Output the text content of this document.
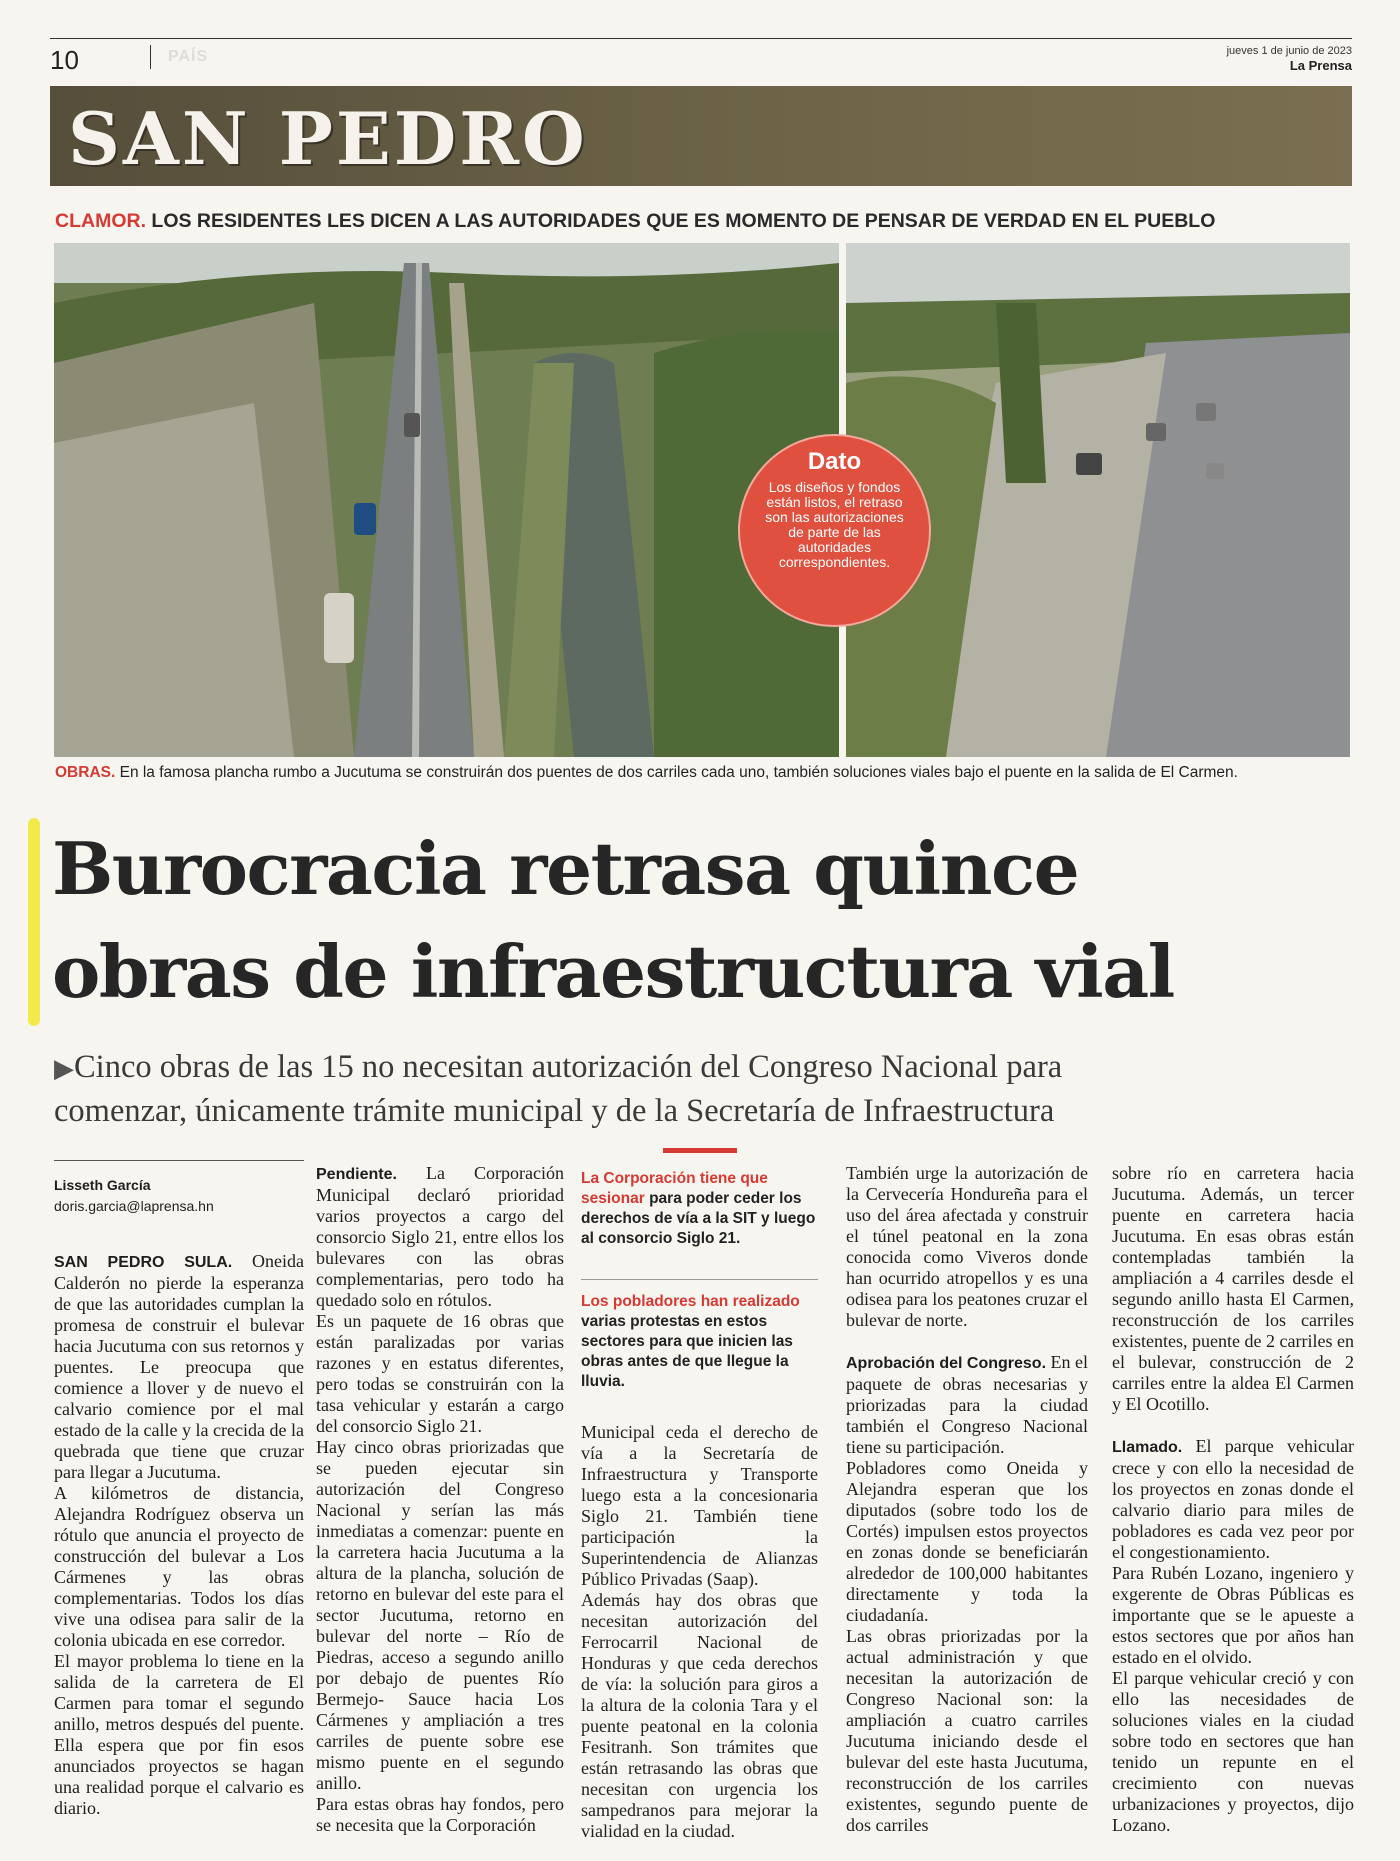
10	PAÍS	jueves 1 de junio de 2023
La Prensa
SAN PEDRO
CLAMOR. LOS RESIDENTES LES DICEN A LAS AUTORIDADES QUE ES MOMENTO DE PENSAR DE VERDAD EN EL PUEBLO
Dato
Los diseños y fondos están listos, el retraso son las autorizaciones de parte de las autoridades correspondientes.
OBRAS. En la famosa plancha rumbo a Jucutuma se construirán dos puentes de dos carriles cada uno, también soluciones viales bajo el puente en la salida de El Carmen.
Burocracia retrasa quince
obras de infraestructura vial
▶Cinco obras de las 15 no necesitan autorización del Congreso Nacional para
comenzar, únicamente trámite municipal y de la Secretaría de Infraestructura
Lisseth García
doris.garcia@laprensa.hn

SAN PEDRO SULA. Oneida Calderón no pierde la esperanza de que las autoridades cumplan la promesa de construir el bulevar hacia Jucutuma con sus retornos y puentes. Le preocupa que comience a llover y de nuevo el calvario comience por el mal estado de la calle y la crecida de la quebrada que tiene que cruzar para llegar a Jucutuma.

A kilómetros de distancia, Alejandra Rodríguez observa un rótulo que anuncia el proyecto de construcción del bulevar a Los Cármenes y las obras complementarias. Todos los días vive una odisea para salir de la colonia ubicada en ese corredor.

El mayor problema lo tiene en la salida de la carretera de El Carmen para tomar el segundo anillo, metros después del puente. Ella espera que por fin esos anunciados proyectos se hagan una realidad porque el calvario es diario.

Pendiente. La Corporación Municipal declaró prioridad varios proyectos a cargo del consorcio Siglo 21, entre ellos los bulevares con las obras complementarias, pero todo ha quedado solo en rótulos.

Es un paquete de 16 obras que están paralizadas por varias razones y en estatus diferentes, pero todas se construirán con la tasa vehicular y estarán a cargo del consorcio Siglo 21.

Hay cinco obras priorizadas que se pueden ejecutar sin autorización del Congreso Nacional y serían las más inmediatas a comenzar: puente en la carretera hacia Jucutuma a la altura de la plancha, solución de retorno en bulevar del este para el sector Jucutuma, retorno en bulevar del norte – Río de Piedras, acceso a segundo anillo por debajo de puentes Río Bermejo- Sauce hacia Los Cármenes y ampliación a tres carriles de puente sobre ese mismo puente en el segundo anillo.

Para estas obras hay fondos, pero se necesita que la Corporación

La Corporación tiene que sesionar para poder ceder los derechos de vía a la SIT y luego al consorcio Siglo 21.
Los pobladores han realizado varias protestas en estos sectores para que inicien las obras antes de que llegue la lluvia.

Municipal ceda el derecho de vía a la Secretaría de Infraestructura y Transporte luego esta a la concesionaria Siglo 21. También tiene participación la Superintendencia de Alianzas Público Privadas (Saap).

Además hay dos obras que necesitan autorización del Ferrocarril Nacional de Honduras y que ceda derechos de vía: la solución para giros a la altura de la colonia Tara y el puente peatonal en la colonia Fesitranh. Son trámites que están retrasando las obras que necesitan con urgencia los sampedranos para mejorar la vialidad en la ciudad.

También urge la autorización de la Cervecería Hondureña para el uso del área afectada y construir el túnel peatonal en la zona conocida como Viveros donde han ocurrido atropellos y es una odisea para los peatones cruzar el bulevar de norte.

Aprobación del Congreso. En el paquete de obras necesarias y priorizadas para la ciudad también el Congreso Nacional tiene su participación.

Pobladores como Oneida y Alejandra esperan que los diputados (sobre todo los de Cortés) impulsen estos proyectos en zonas donde se beneficiarán alrededor de 100,000 habitantes directamente y toda la ciudadanía.

Las obras priorizadas por la actual administración y que necesitan la autorización de Congreso Nacional son: la ampliación a cuatro carriles Jucutuma iniciando desde el bulevar del este hasta Jucutuma, reconstrucción de los carriles existentes, segundo puente de dos carriles

sobre río en carretera hacia Jucutuma. Además, un tercer puente en carretera hacia Jucutuma. En esas obras están contempladas también la ampliación a 4 carriles desde el segundo anillo hasta El Carmen, reconstrucción de los carriles existentes, puente de 2 carriles en el bulevar, construcción de 2 carriles entre la aldea El Carmen y El Ocotillo.

Llamado. El parque vehicular crece y con ello la necesidad de los proyectos en zonas donde el calvario diario para miles de pobladores es cada vez peor por el congestionamiento.

Para Rubén Lozano, ingeniero y exgerente de Obras Públicas es importante que se le apueste a estos sectores que por años han estado en el olvido.

El parque vehicular creció y con ello las necesidades de soluciones viales en la ciudad sobre todo en sectores que han tenido un repunte en el crecimiento con nuevas urbanizaciones y proyectos, dijo Lozano.
